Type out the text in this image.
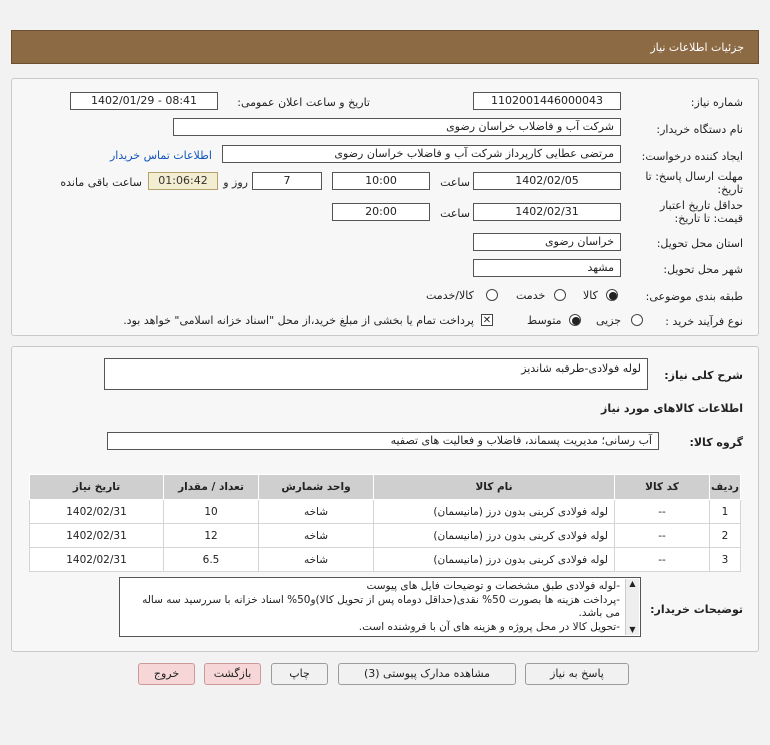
جزئیات اطلاعات نیاز
شماره نیاز:
1102001446000043
تاریخ و ساعت اعلان عمومی:
1402/01/29 - 08:41
نام دستگاه خریدار:
شرکت آب و فاضلاب خراسان رضوی
ایجاد کننده درخواست:
مرتضی عطایی کارپرداز شرکت آب و فاضلاب خراسان رضوی
اطلاعات تماس خریدار
مهلت ارسال پاسخ: تا
تاریخ:
1402/02/05
ساعت
10:00
7
روز و
01:06:42
ساعت باقی مانده
حداقل تاریخ اعتبار
قیمت: تا تاریخ:
1402/02/31
ساعت
20:00
استان محل تحویل:
خراسان رضوی
شهر محل تحویل:
مشهد
طبقه بندی موضوعی:
کالا
خدمت
کالا/خدمت
نوع فرآیند خرید :
جزیی
متوسط
✕
پرداخت تمام یا بخشی از مبلغ خرید،از محل "اسناد خزانه اسلامی" خواهد بود.
شرح کلی نیاز:
لوله فولادی-طرقبه شاندیز
اطلاعات کالاهای مورد نیاز
گروه کالا:
آب رسانی؛ مدیریت پسماند، فاضلاب و فعالیت های تصفیه
ردیف	کد کالا	نام کالا	واحد شمارش	تعداد / مقدار	تاریخ نیاز
1	--	لوله فولادی کربنی بدون درز (مانیسمان)	شاخه	10	1402/02/31
2	--	لوله فولادی کربنی بدون درز (مانیسمان)	شاخه	12	1402/02/31
3	--	لوله فولادی کربنی بدون درز (مانیسمان)	شاخه	6.5	1402/02/31
توضیحات خریدار:
-لوله فولادی طبق مشخصات و توضیحات فایل های پیوست
-پرداخت هزینه ها بصورت 50% نقدی(حداقل دوماه پس از تحویل کالا)و50% اسناد خزانه با سررسید سه ساله می باشد.
-تحویل کالا در محل پروژه و هزینه های آن با فروشنده است.
▲
▼
پاسخ به نیاز
مشاهده مدارک پیوستی (3)
چاپ
بازگشت
خروج
